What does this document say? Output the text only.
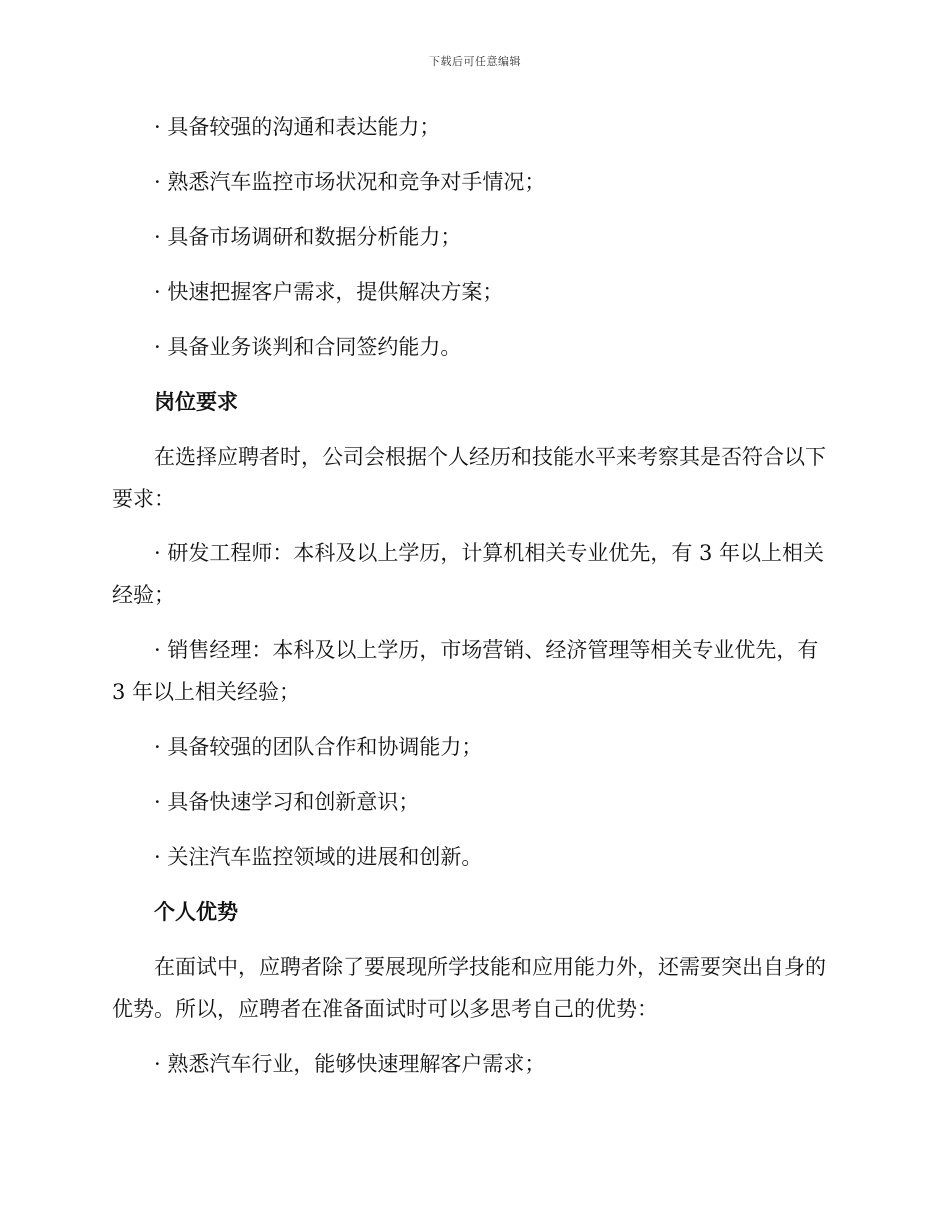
下载后可任意编辑

· 具备较强的沟通和表达能力；

· 熟悉汽车监控市场状况和竞争对手情况；

· 具备市场调研和数据分析能力；

· 快速把握客户需求，提供解决方案；

· 具备业务谈判和合同签约能力。

岗位要求

在选择应聘者时，公司会根据个人经历和技能水平来考察其是否符合以下要求：

· 研发工程师：本科及以上学历，计算机相关专业优先，有 3 年以上相关经验；

· 销售经理：本科及以上学历，市场营销、经济管理等相关专业优先，有 3 年以上相关经验；

· 具备较强的团队合作和协调能力；

· 具备快速学习和创新意识；

· 关注汽车监控领域的进展和创新。

个人优势

在面试中，应聘者除了要展现所学技能和应用能力外，还需要突出自身的优势。所以，应聘者在准备面试时可以多思考自己的优势：

· 熟悉汽车行业，能够快速理解客户需求；
